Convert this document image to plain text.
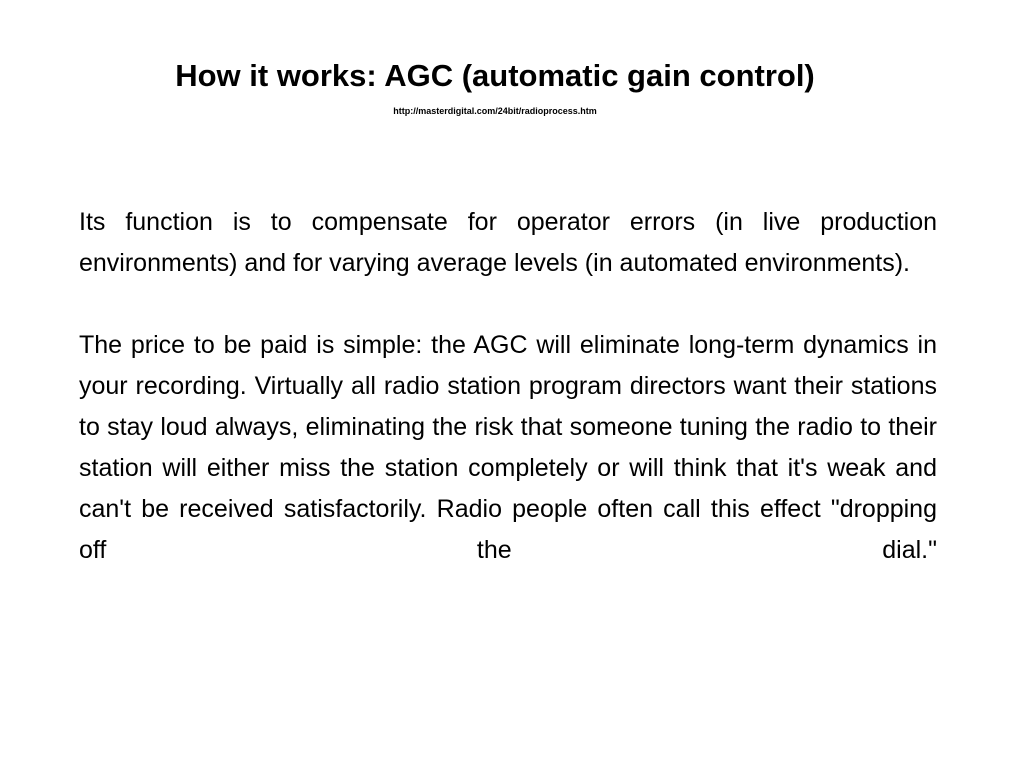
How it works: AGC (automatic gain control)
http://masterdigital.com/24bit/radioprocess.htm

Its function is to compensate for operator errors (in live production environments) and for varying average levels (in automated environments).

The price to be paid is simple: the AGC will eliminate long-term dynamics in your recording. Virtually all radio station program directors want their stations to stay loud always, eliminating the risk that someone tuning the radio to their station will either miss the station completely or will think that it's weak and can't be received satisfactorily. Radio people often call this effect "dropping off the dial."
